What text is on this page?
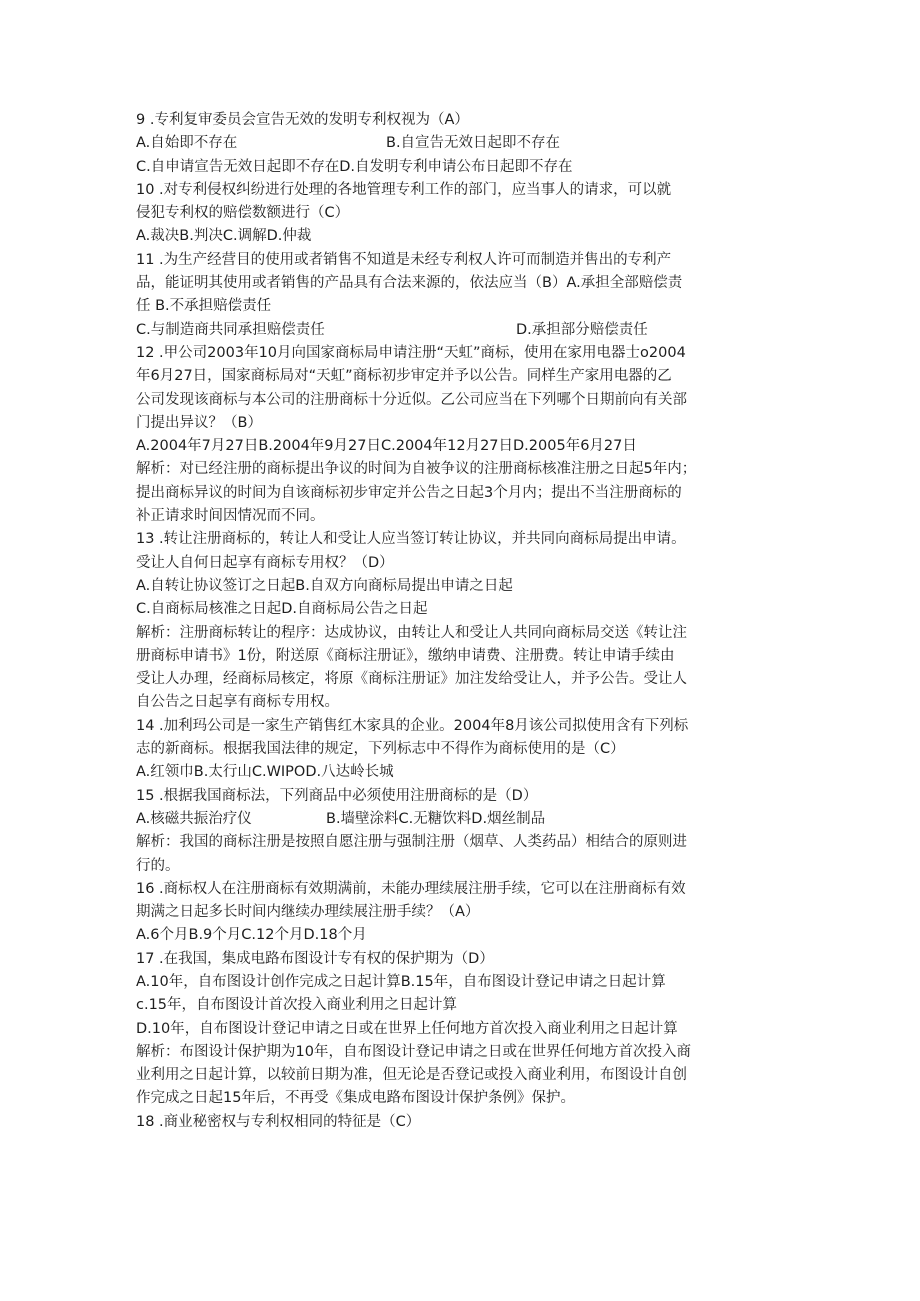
9 .专利复审委员会宣告无效的发明专利权视为（A）
A.自始即不存在	B.自宣告无效日起即不存在
C.自申请宣告无效日起即不存在D.自发明专利申请公布日起即不存在
10 .对专利侵权纠纷进行处理的各地管理专利工作的部门，应当事人的请求，可以就
侵犯专利权的赔偿数额进行（C）
A.裁决B.判决C.调解D.仲裁
11 .为生产经营目的使用或者销售不知道是未经专利权人许可而制造并售出的专利产
品，能证明其使用或者销售的产品具有合法来源的，依法应当（B）A.承担全部赔偿责
任 B.不承担赔偿责任
C.与制造商共同承担赔偿责任	D.承担部分赔偿责任
12 .甲公司2003年10月向国家商标局申请注册“天虹”商标，使用在家用电器士o2004
年6月27日，国家商标局对“天虹”商标初步审定并予以公告。同样生产家用电器的乙
公司发现该商标与本公司的注册商标十分近似。乙公司应当在下列哪个日期前向有关部
门提出异议？（B）
A.2004年7月27日B.2004年9月27日C.2004年12月27日D.2005年6月27日
解析：对已经注册的商标提出争议的时间为自被争议的注册商标核准注册之日起5年内；
提出商标异议的时间为自该商标初步审定并公告之日起3个月内；提出不当注册商标的
补正请求时间因情况而不同。
13 .转让注册商标的，转让人和受让人应当签订转让协议，并共同向商标局提出申请。
受让人自何日起享有商标专用权？（D）
A.自转让协议签订之日起B.自双方向商标局提出申请之日起
C.自商标局核准之日起D.自商标局公告之日起
解析：注册商标转让的程序：达成协议，由转让人和受让人共同向商标局交送《转让注
册商标申请书》1份，附送原《商标注册证》，缴纳申请费、注册费。转让申请手续由
受让人办理，经商标局核定，将原《商标注册证》加注发给受让人，并予公告。受让人
自公告之日起享有商标专用权。
14 .加利玛公司是一家生产销售红木家具的企业。2004年8月该公司拟使用含有下列标
志的新商标。根据我国法律的规定，下列标志中不得作为商标使用的是（C）
A.红领巾B.太行山C.WIPOD.八达岭长城
15 .根据我国商标法，下列商品中必须使用注册商标的是（D）
A.核磁共振治疗仪	B.墙壁涂料C.无糖饮料D.烟丝制品
解析：我国的商标注册是按照自愿注册与强制注册（烟草、人类药品）相结合的原则进
行的。
16 .商标权人在注册商标有效期满前，未能办理续展注册手续，它可以在注册商标有效
期满之日起多长时间内继续办理续展注册手续？（A）
A.6个月B.9个月C.12个月D.18个月
17 .在我国，集成电路布图设计专有权的保护期为（D）
A.10年，自布图设计创作完成之日起计算B.15年，自布图设计登记申请之日起计算
c.15年，自布图设计首次投入商业利用之日起计算
D.10年，自布图设计登记申请之日或在世界上任何地方首次投入商业利用之日起计算
解析：布图设计保护期为10年，自布图设计登记申请之日或在世界任何地方首次投入商
业利用之日起计算，以较前日期为准，但无论是否登记或投入商业利用，布图设计自创
作完成之日起15年后，不再受《集成电路布图设计保护条例》保护。
18 .商业秘密权与专利权相同的特征是（C）
